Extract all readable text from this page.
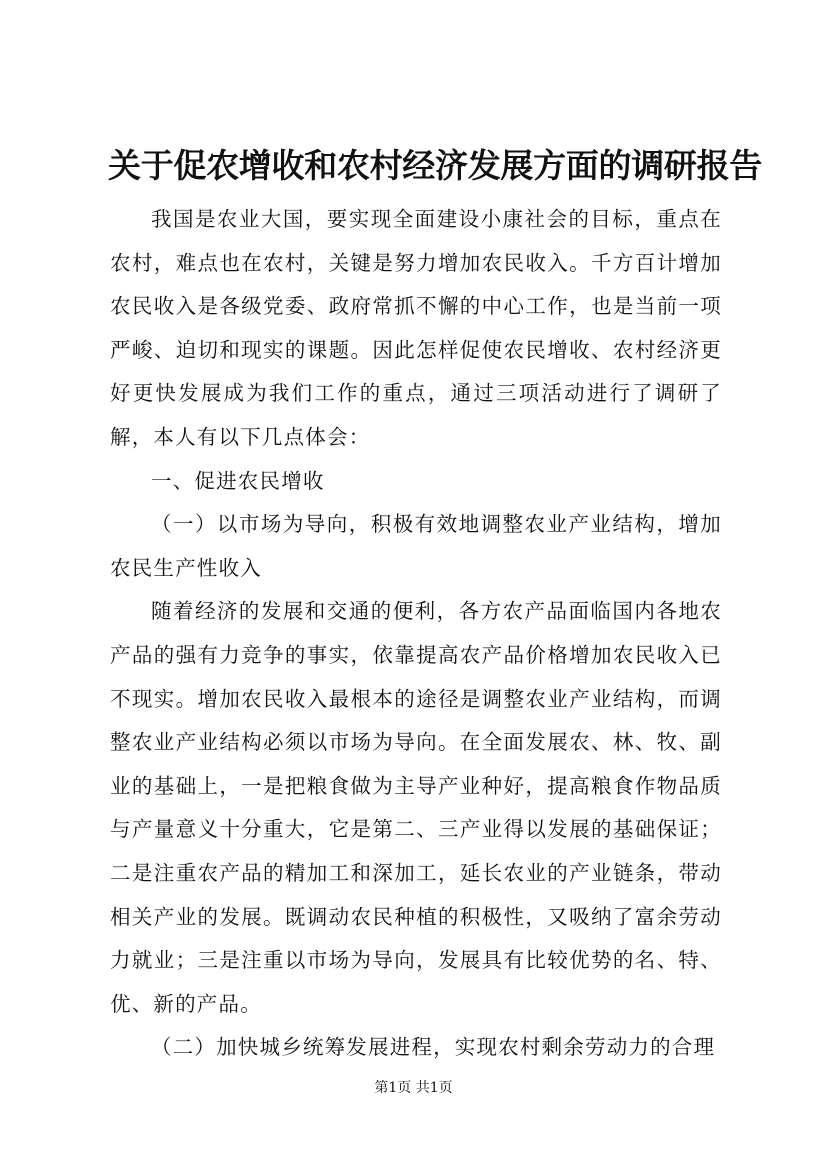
关于促农增收和农村经济发展方面的调研报告

我国是农业大国，要实现全面建设小康社会的目标，重点在农村，难点也在农村，关键是努力增加农民收入。千方百计增加农民收入是各级党委、政府常抓不懈的中心工作，也是当前一项严峻、迫切和现实的课题。因此怎样促使农民增收、农村经济更好更快发展成为我们工作的重点，通过三项活动进行了调研了解，本人有以下几点体会：

一、促进农民增收

（一）以市场为导向，积极有效地调整农业产业结构，增加农民生产性收入

随着经济的发展和交通的便利，各方农产品面临国内各地农产品的强有力竞争的事实，依靠提高农产品价格增加农民收入已不现实。增加农民收入最根本的途径是调整农业产业结构，而调整农业产业结构必须以市场为导向。在全面发展农、林、牧、副业的基础上，一是把粮食做为主导产业种好，提高粮食作物品质与产量意义十分重大，它是第二、三产业得以发展的基础保证；二是注重农产品的精加工和深加工，延长农业的产业链条，带动相关产业的发展。既调动农民种植的积极性，又吸纳了富余劳动力就业；三是注重以市场为导向，发展具有比较优势的名、特、优、新的产品。

（二）加快城乡统筹发展进程，实现农村剩余劳动力的合理

第1页 共1页
